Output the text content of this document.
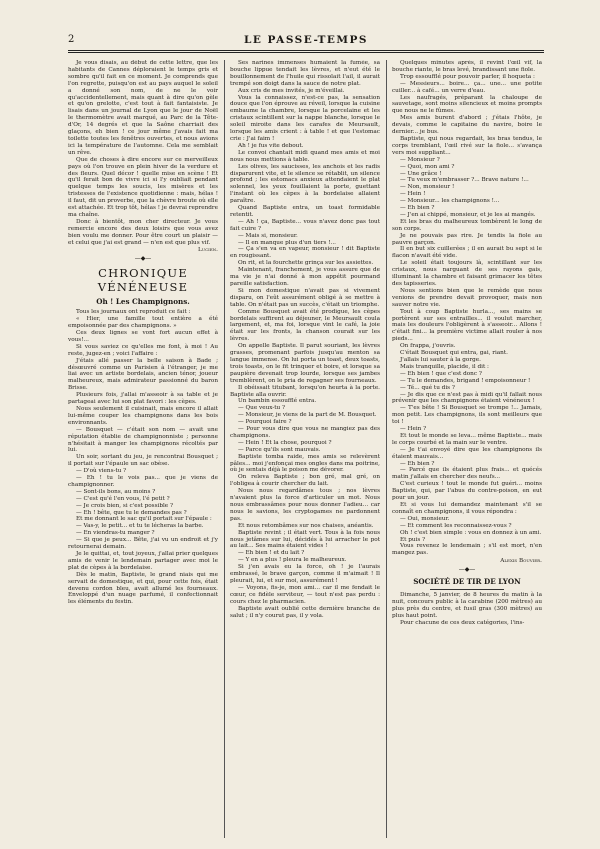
2	LE PASSE-TEMPS

Je vous disais, au début de cette lettre, que les habitants de Cannes déploraient le temps gris et sombre qu'il fait en ce moment. Je comprends que l'on regrette, puisqu'on est au pays auquel le soleil a donné son nom, de ne le voir qu'accidentellement, mais quant à dire qu'on gèle et qu'on grelotte, c'est tout à fait fantaisiste. Je lisais dans un journal de Lyon que le jour de Noël le thermomètre avait marqué, au Parc de la Tête-d'Or, 14 degrés et que la Saône charriait des glaçons, eh bien ! ce jour même j'avais fait ma toilette toutes les fenêtres ouvertes, et nous avions ici la température de l'automne. Cela me semblait un rêve.

Que de choses à dire encore sur ce merveilleux pays où l'on trouve en plein hiver de la verdure et des fleurs. Quel décor ! quelle mise en scène ! Et qu'il ferait bon de vivre ici si l'y oubliait pendant quelque temps les soucis, les misères et les tristesses de l'existence quotidienne : mais, hélas ! il faut, dit un proverbe, que la chèvre broute où elle est attachée. Et trop tôt, hélas ! je devrai reprendre ma chaîne.

Donc à bientôt, mon cher directeur. Je vous remercie encore des deux loisirs que vous avez bien voulu me donner. Pour être court un plaisir — et celui que j'ai est grand — n'en est que plus vif.

Lucien.
—◆—
CHRONIQUE VÉNÉNEUSE
Oh ! Les Champignons.

Tous les journaux ont reproduit ce fait :

« Hier, une famille tout entière a été empoisonnée par des champignons. »

Ces deux lignes se vont fort aucun effet à vous!...

Si vous saviez ce qu'elles me font, à moi ! Au reste, jugez-en ; voici l'affaire :

J'étais allé passer la belle saison à Bade ; désœuvré comme un Parisien à l'étranger, je me liai avec un artiste bordelais, ancien ténor, joueur malheureux, mais admirateur passionné du baron Brisse.

Plusieurs fois, j'allai m'asseoir à sa table et je partageai avec lui son plat favori : les cèpes.

Nous seulement il cuisinait, mais encore il allait lui-même couper les champignons dans les bois environnants.

— Bousquet — c'était son nom — avait une réputation établie de champignonniste ; personne n'hésitait à manger les champignons récoltés par lui.

Un soir, sortant du jeu, je rencontrai Bousquet ; il portait sur l'épaule un sac obèse.

— D'où viens-tu ?

— Eh ! tu le vois pas... que je viens de champignonner.

— Sont-ils bons, au moins ?

— C'est qu'é l'en vous, l'é petit ?

— Je crois bien, si c'est possible ?

— Eh ! bête, que tu le demandes pas ?

Et me donnant le sac qu'il portait sur l'épaule :

— Vas-y, le petit... et tu te lécheras la barbe.

— En viendras-tu manger ?

— Si que je peux... Bête, j'ai vu un endroit et j'y retournerai demain.

Je le quittai, et, tout joyeux, j'allai prier quelques amis de venir le lendemain partager avec moi le plat de cèpes à la bordelaise.

Dès le matin, Baptiste, le grand niais qui me servait de domestique, et qui, pour cette fois, était devenu cordon bleu, avait allumé les fourneaux. Enveloppé d'un nuage parfumé, il confectionnait les éléments du festin.

Ses narines immenses humaient la fumée, sa bouche lippue tendait les lèvres, et n'eut été le bouillonnement de l'huile qui rissolait l'ail, il aurait trempé son doigt dans la sauce de notre plat.

Aux cris de mes invités, je m'éveillai.

Vous la connaissez, n'est-ce pas, la sensation douce que l'on éprouve au réveil, lorsque la cuisine embaume la chambre, lorsque la porcelaine et les cristaux scintillent sur la nappe blanche, lorsque le soleil miroite dans les carafes de Meursault, lorsque les amis crient : à table ! et que l'estomac crie : J'ai faim !

Ah ! je fus vite debout.

Le convoi chantait midi quand mes amis et moi nous nous mettions à table.

Les olives, les saucisses, les anchois et les radis disparurent vite, et le silence se rétablit, un silence profond ; les estomacs anxieux attendaient le plat solennel, les yeux fouillaient la porte, guettant l'instant où les cèpes à la bordelaise allaient paraître.

Quand Baptiste entra, un toast formidable retentit.

— Ah ! ça, Baptiste... vous n'avez donc pas tout fait cuire ?

— Mais si, monsieur.

— Il en manque plus d'un tiers !...

— Ça s'en va en vapeur, monsieur ! dit Baptiste en rougissant.

On rit, et la fourchette grinça sur les assiettes.

Maintenant, franchement, je vous assure que de ma vie je n'ai donné à mon appétit pourmand pareille satisfaction.

Si mon domestique n'avait pas si vivement disparu, on l'eût assurément obligé à se mettre à table. On n'était pas un succès, c'était un triomphe.

Comme Bousquet avait été prodigue, les cèpes bordelais suffirent au déjeuner, le Meursault coula largement, et, ma foi, lorsque vint le café, la joie était sur les fronts, la chanson courait sur les lèvres.

On appelle Baptiste. Il parut souriant, les lèvres grasses, promenant parfois jusqu'au menton sa langue immense. On lui porta un toast, deux toasts, trois toasts, on le fit trinquer et boire, et lorsque sa paupière devenait trop lourde, lorsque ses jambes tremblèrent, on le pria de regagner ses fourneaux.

Il obéissait titubant, lorsqu'on heurta à la porte. Baptiste alla ouvrir.

Un bambin essoufflé entra.

— Que veux-tu ?

— Monsieur, je viens de la part de M. Bousquet.

— Pourquoi faire ?

— Pour vous dire que vous ne mangiez pas des champignons.

— Hein ! Et la chose, pourquoi ?

— Parce qu'ils sont mauvais.

Baptiste tomba raide, mes amis se relevèrent pâles... moi j'enfonçai mes ongles dans ma poitrine, où je sentais déjà le poison me dévorer.

On releva Baptiste ; bon gré, mal gré, on l'obligea à courir chercher du lait.

Nous nous regardâmes tous ; nos lèvres n'avaient plus la force d'articuler un mot. Nous nous embrassâmes pour nous donner l'adieu... car nous le savions, les cryptogames ne pardonnent pas.

Et nous retombâmes sur nos chaises, anéantis.

Baptiste revint ; il était vert. Tous à la fois nous nous jetâmes sur lui, décidés à lui arracher le pot au lait... Ses mains étaient vides !

— Eh bien ! et du lait ?

— Y en a plus ! pleura le malheureux.

Si j'en avais eu la force, oh ! je l'aurais embrassé, le brave garçon, comme il m'aimait ! Il pleurait, lui, et sur moi, assurément !

— Voyons, fis-je, mon ami... car il me fendait le cœur, ce fidèle serviteur, — tout n'est pas perdu : cours chez le pharmacien.

Baptiste avait oublié cette dernière branche de salut ; il n'y courut pas, il y vola.

Quelques minutes après, il revint l'œil vif, la bouche riante, le bras levé, brandissant une fiole.

Trop essoufflé pour pouvoir parler, il hoqueta :

— Messieurs... boire... ça... une... une potite cuiller... à café... un verre d'eau.

Les naufragés, préparant la chaloupe de sauvetage, sont moins silencieux et moins prompts que nous ne le fûmes.

Mes amis burent d'abord ; j'étais l'hôte, je devais, comme le capitaine du navire, boire le dernier... je bus.

Baptiste, qui nous regardait, les bras tendus, le corps tremblant, l'œil rivé sur la fiole... s'avança vers moi suppliant...

— Monsieur ?

— Quoi, mon ami ?

— Une grâce !

— Tu veux m'embrasser ?... Brave nature !...

— Non, monsieur !

— Hein !

— Monsieur... les champignons !...

— Eh bien ?

— J'en ai chippé, monsieur, et je les ai mangés.

Et les bras du malheureux tombèrent le long de son corps.

Je ne pouvais pas rire. Je tendis la fiole au pauvre garçon.

Il en but six cuillerées ; il en aurait bu sept si le flacon n'avait été vide.

Le soleil était toujours là, scintillant sur les cristaux, nous narguant de ses rayons gais, illuminant la chambre et faisant grimacer les têtes des tapisseries.

Nous sentions bien que le remède que nous venions de prendre devait provoquer, mais non sauver notre vie.

Tout à coup Baptiste hurla..., ses mains se portèrent sur ses entrailles... il voulut marcher, mais les douleurs l'obligèrent à s'asseoir... Allons ! c'était fini... la première victime allait rouler à nos pieds...

On frappa, j'ouvris.

C'était Bousquet qui entra, gai, riant.

J'allais lui sauter à la gorge.

Mais tranquille, placide, il dit :

— Eh bien ! que c'est donc ?

— Tu le demandes, brigand ! empoisonneur !

— Té... qué tu dis ?

— Je dis que ce n'est pas à midi qu'il fallait nous prévenir que les champignons étaient vénéneux !

— T'es bête ! Si Bousquet se trompe !... Jamais, mon petit. Les champignons, ils sont meilleurs que toi !

— Hein ?

Et tout le monde se leva... même Baptiste... mais le corps courbé et la main sur le ventre.

— Je t'ai envoyé dire que les champignons ils étaient mauvais...

— Eh bien ?

— Parcé que ils étaient plus frais... et quécés matin j'allais en chercher des neufs...

C'est curieux ! tout le monde fut guéri... moins Baptiste, qui, par l'abus du contre-poison, en eut pour un jour.

Et si vous lui demandez maintenant s'il se connaît en champignons, il vous répondra :

— Oui, monsieur.

— Et comment les reconnaissez-vous ?

Oh ! c'est bien simple : vous en donnez à un ami.

Et puis ?

Vous revenez le lendemain ; s'il est mort, n'en mangez pas.

Alexis Bouvier.
—◆—
SOCIÉTÉ DE TIR DE LYON

Dimanche, 5 janvier, de 8 heures du matin à la nuit, concours public à la carabine (200 mètres) au plus près du centre, et fusil gras (300 mètres) au plus haut point.

Pour chacune de ces deux catégories, l'ins-
